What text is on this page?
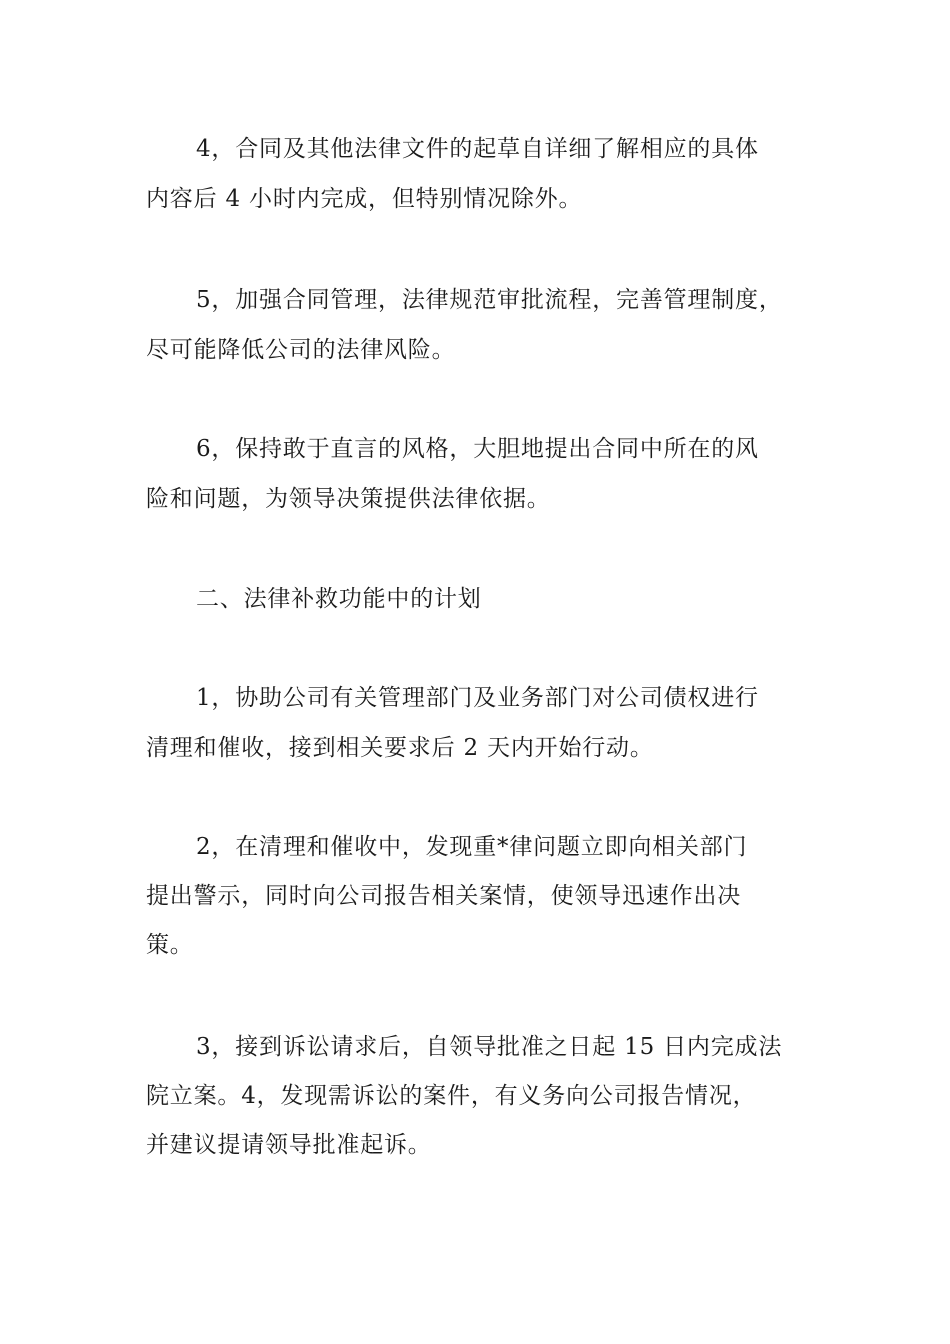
4，合同及其他法律文件的起草自详细了解相应的具体

内容后 4 小时内完成，但特别情况除外。

5，加强合同管理，法律规范审批流程，完善管理制度，

尽可能降低公司的法律风险。

6，保持敢于直言的风格，大胆地提出合同中所在的风

险和问题，为领导决策提供法律依据。

二、法律补救功能中的计划

1，协助公司有关管理部门及业务部门对公司债权进行

清理和催收，接到相关要求后 2 天内开始行动。

2，在清理和催收中，发现重*律问题立即向相关部门

提出警示，同时向公司报告相关案情，使领导迅速作出决

策。

3，接到诉讼请求后，自领导批准之日起 15 日内完成法

院立案。4，发现需诉讼的案件，有义务向公司报告情况，

并建议提请领导批准起诉。
